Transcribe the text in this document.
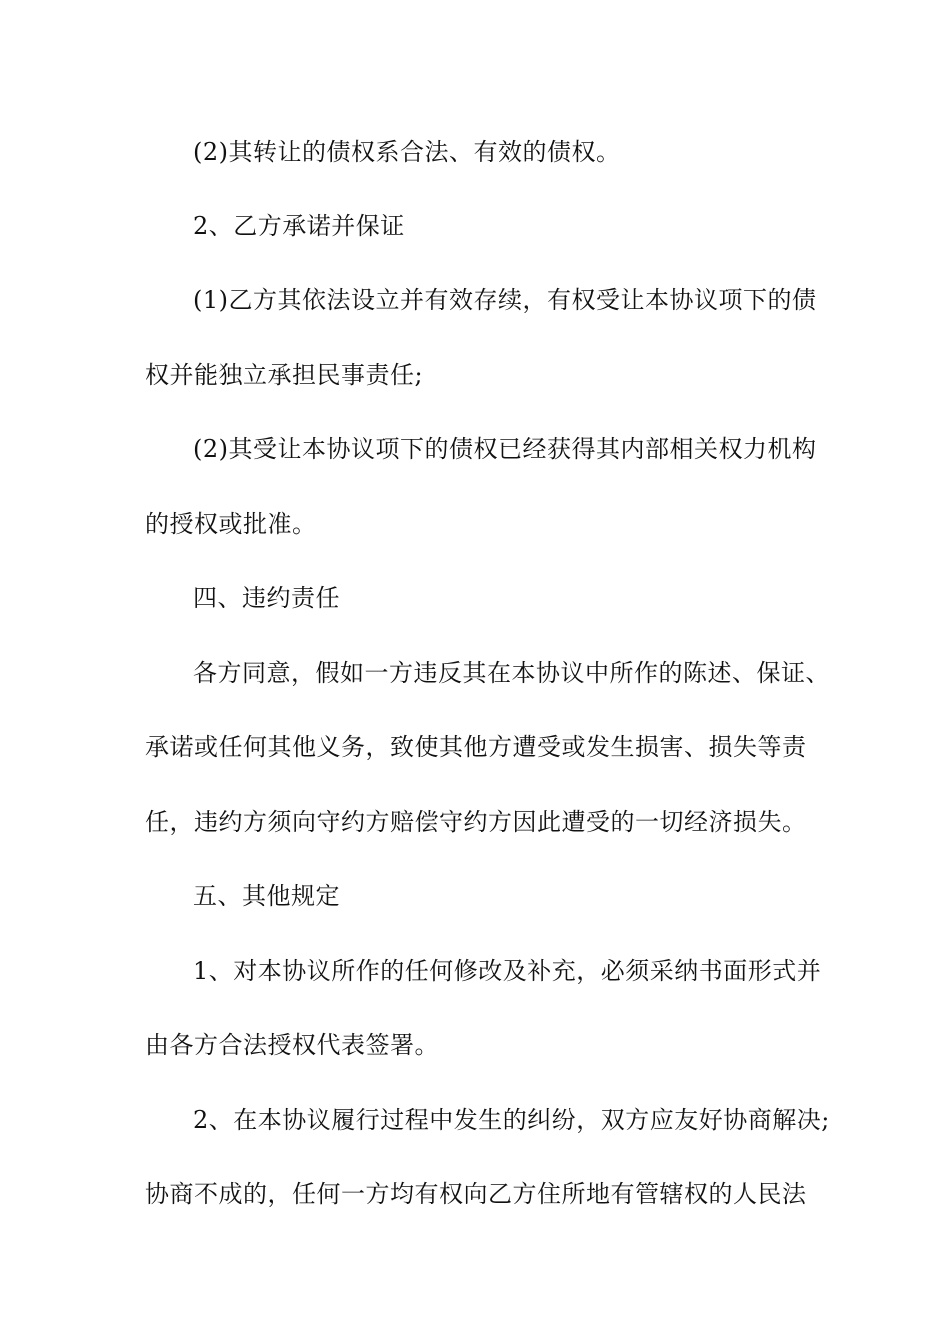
(2)其转让的债权系合法、有效的债权。
2、乙方承诺并保证
(1)乙方其依法设立并有效存续，有权受让本协议项下的债
权并能独立承担民事责任;
(2)其受让本协议项下的债权已经获得其内部相关权力机构
的授权或批准。
四、违约责任
各方同意，假如一方违反其在本协议中所作的陈述、保证、
承诺或任何其他义务，致使其他方遭受或发生损害、损失等责
任，违约方须向守约方赔偿守约方因此遭受的一切经济损失。
五、其他规定
1、对本协议所作的任何修改及补充，必须采纳书面形式并
由各方合法授权代表签署。
2、在本协议履行过程中发生的纠纷，双方应友好协商解决;
协商不成的，任何一方均有权向乙方住所地有管辖权的人民法
